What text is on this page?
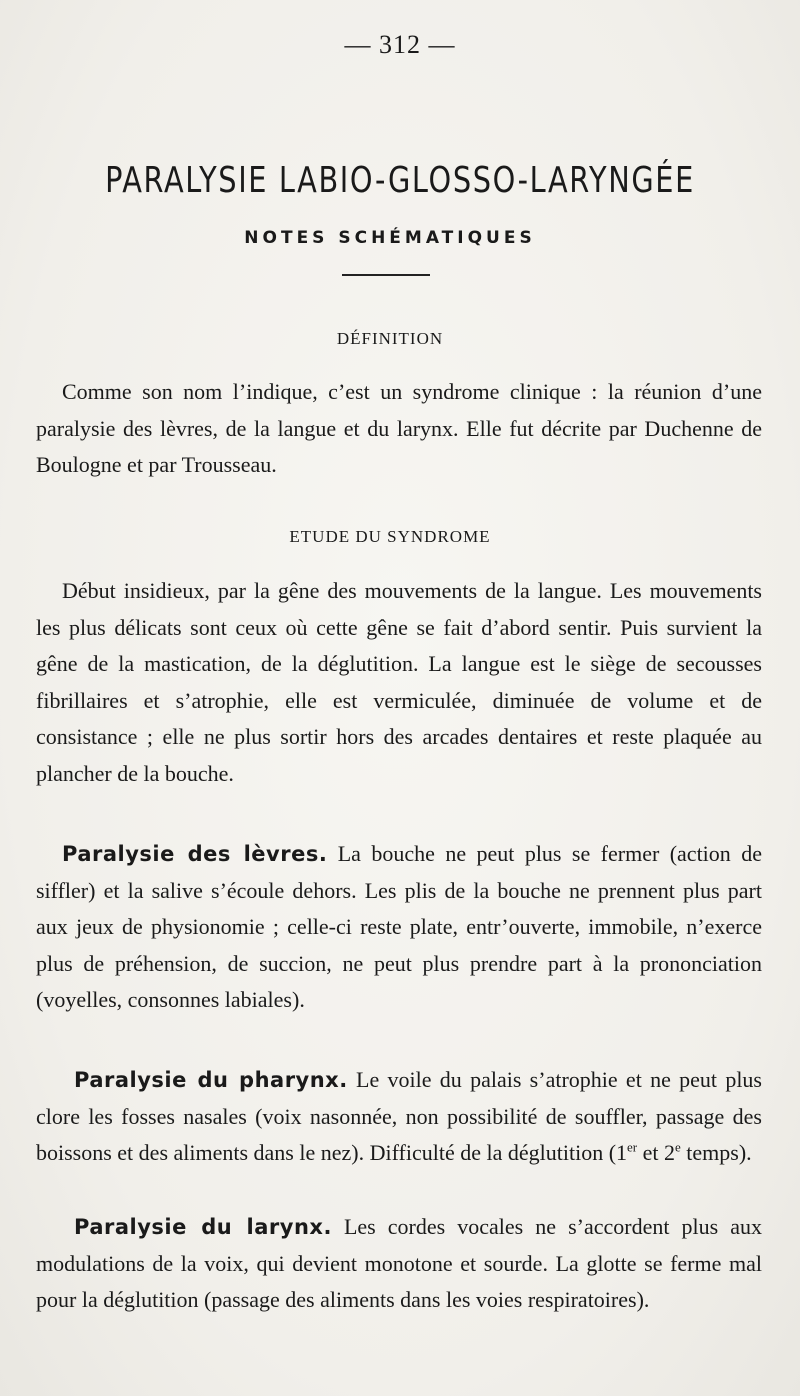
— 312 —
PARALYSIE LABIO-GLOSSO-LARYNGÉE
NOTES SCHÉMATIQUES
DÉFINITION

Comme son nom l’indique, c’est un syndrome clinique : la réunion d’une paralysie des lèvres, de la langue et du larynx. Elle fut décrite par Duchenne de Boulogne et par Trousseau.

ETUDE DU SYNDROME

Début insidieux, par la gêne des mouvements de la langue. Les mouvements les plus délicats sont ceux où cette gêne se fait d’abord sentir. Puis survient la gêne de la mastication, de la déglutition. La langue est le siège de secousses fibrillaires et s’atrophie, elle est vermiculée, diminuée de volume et de consistance ; elle ne plus sortir hors des arcades dentaires et reste plaquée au plancher de la bouche.

Paralysie des lèvres. La bouche ne peut plus se fermer (action de siffler) et la salive s’écoule dehors. Les plis de la bouche ne prennent plus part aux jeux de physionomie ; celle-ci reste plate, entr’ouverte, immobile, n’exerce plus de préhension, de succion, ne peut plus prendre part à la prononciation (voyelles, consonnes labiales).

Paralysie du pharynx. Le voile du palais s’atrophie et ne peut plus clore les fosses nasales (voix nasonnée, non possibilité de souffler, passage des boissons et des aliments dans le nez). Difficulté de la déglutition (1er et 2e temps).

Paralysie du larynx. Les cordes vocales ne s’accordent plus aux modulations de la voix, qui devient monotone et sourde. La glotte se ferme mal pour la déglutition (passage des aliments dans les voies respiratoires).
